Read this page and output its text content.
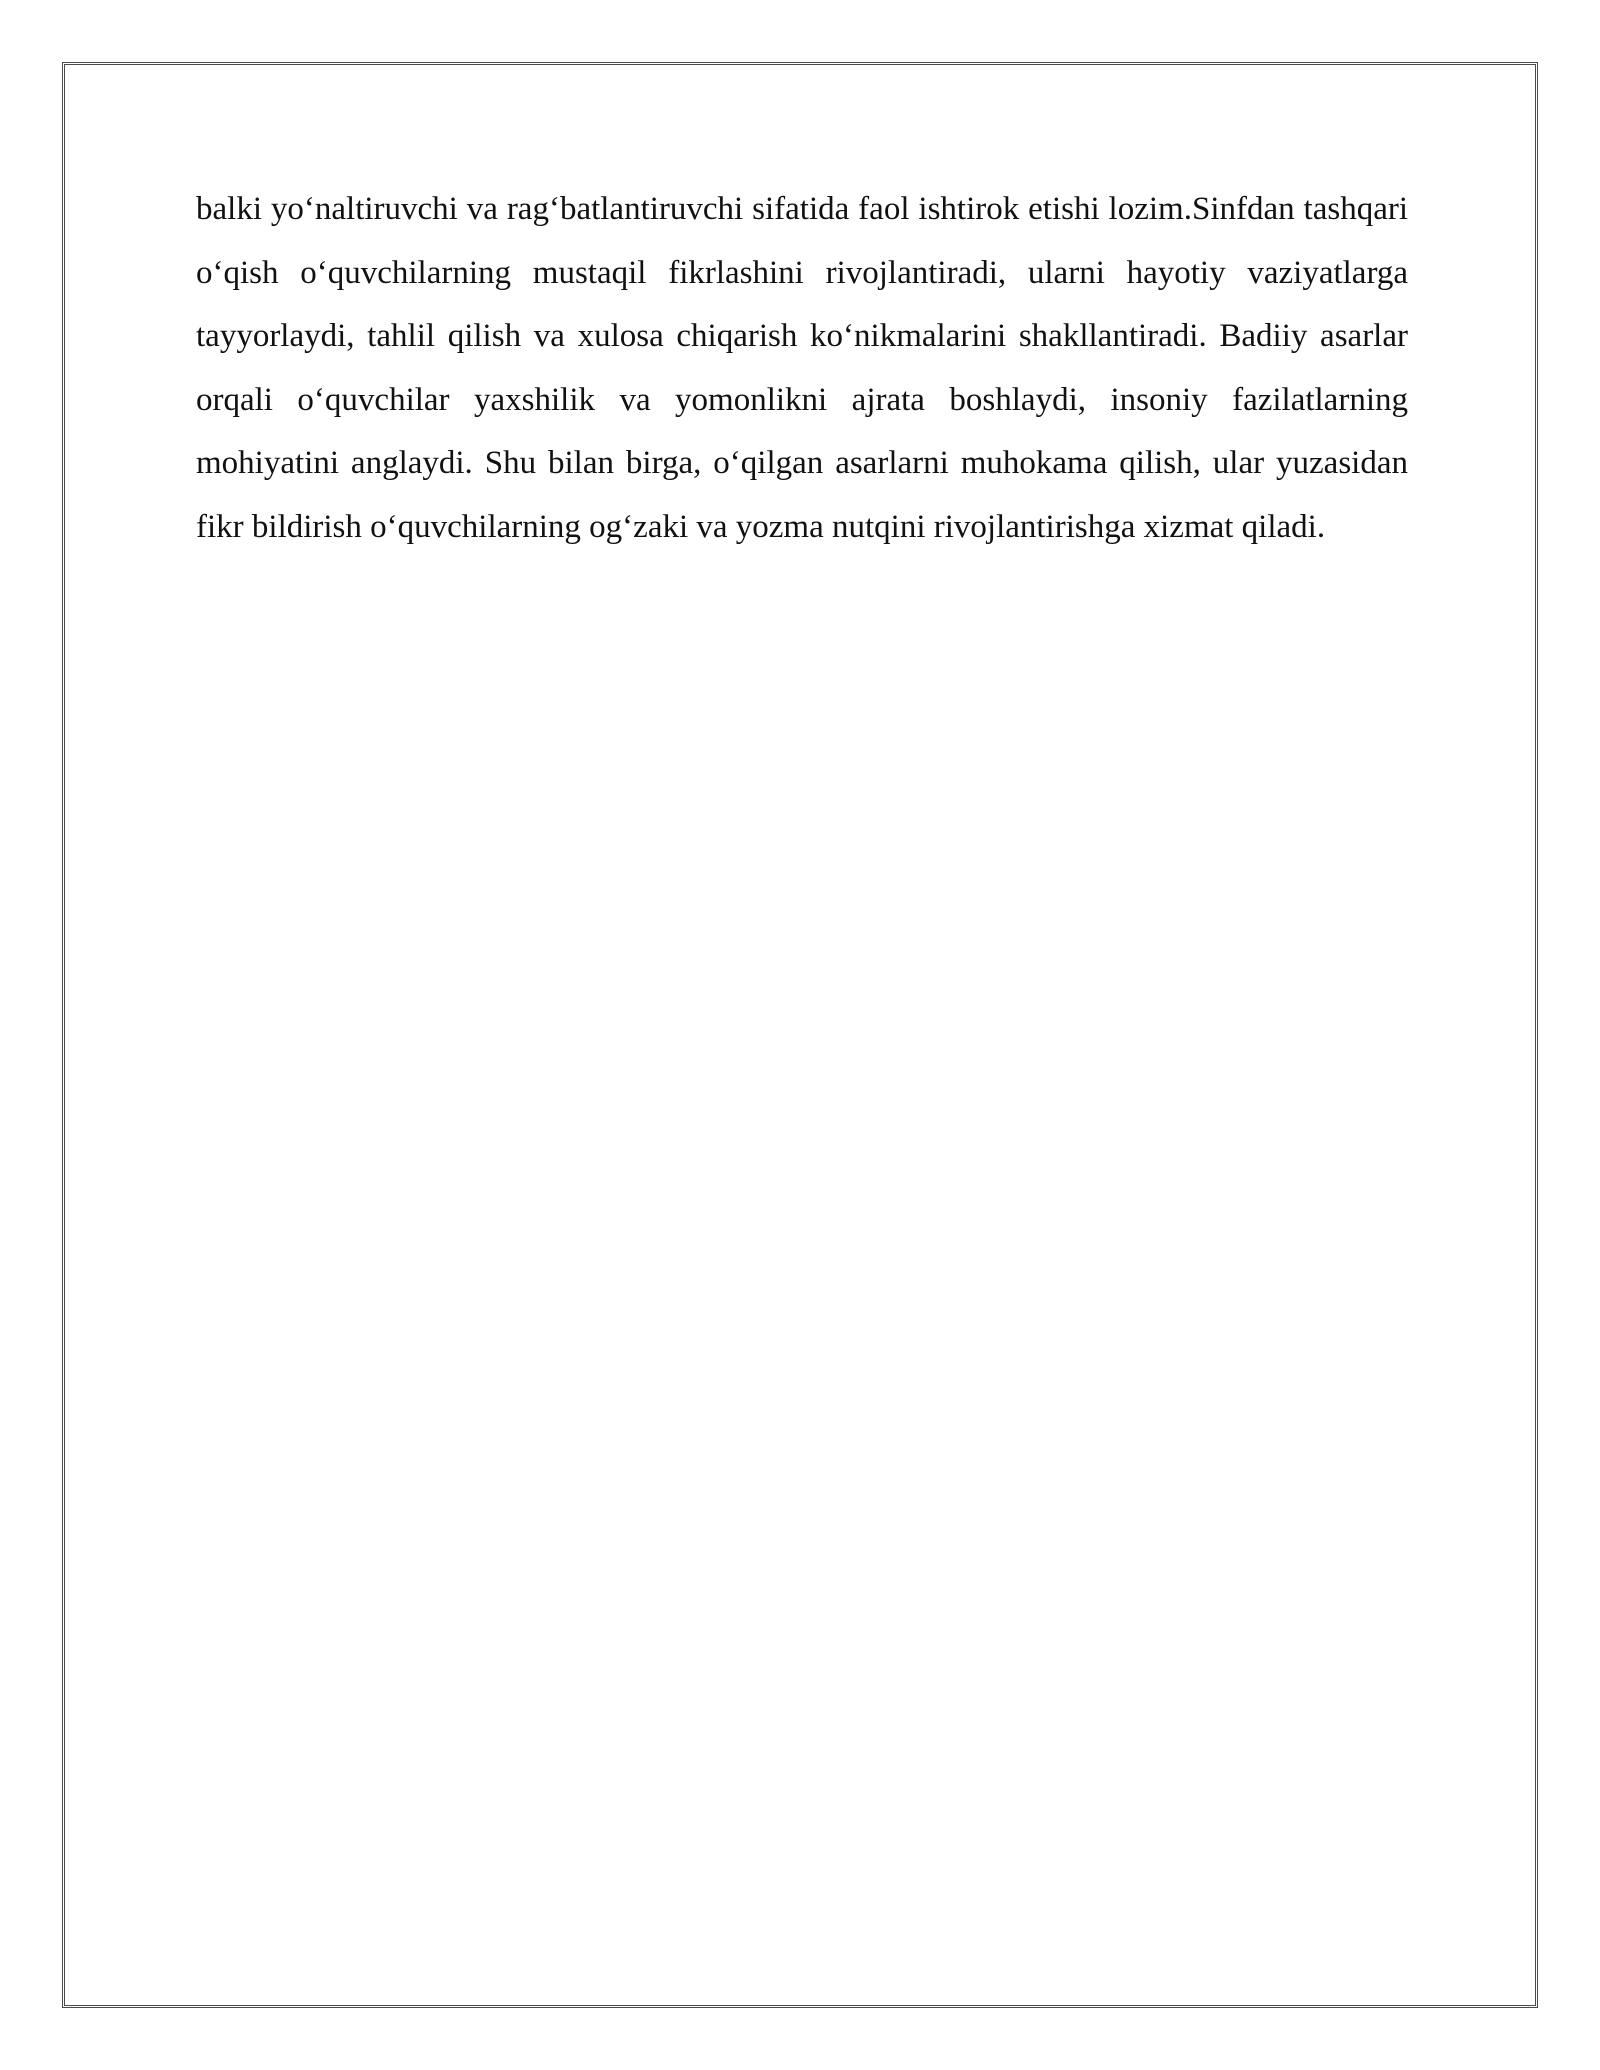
balki yo‘naltiruvchi va rag‘batlantiruvchi sifatida faol ishtirok etishi lozim.Sinfdan tashqari o‘qish o‘quvchilarning mustaqil fikrlashini rivojlantiradi, ularni hayotiy vaziyatlarga tayyorlaydi, tahlil qilish va xulosa chiqarish ko‘nikmalarini shakllantiradi. Badiiy asarlar orqali o‘quvchilar yaxshilik va yomonlikni ajrata boshlaydi, insoniy fazilatlarning mohiyatini anglaydi. Shu bilan birga, o‘qilgan asarlarni muhokama qilish, ular yuzasidan fikr bildirish o‘quvchilarning og‘zaki va yozma nutqini rivojlantirishga xizmat qiladi.
